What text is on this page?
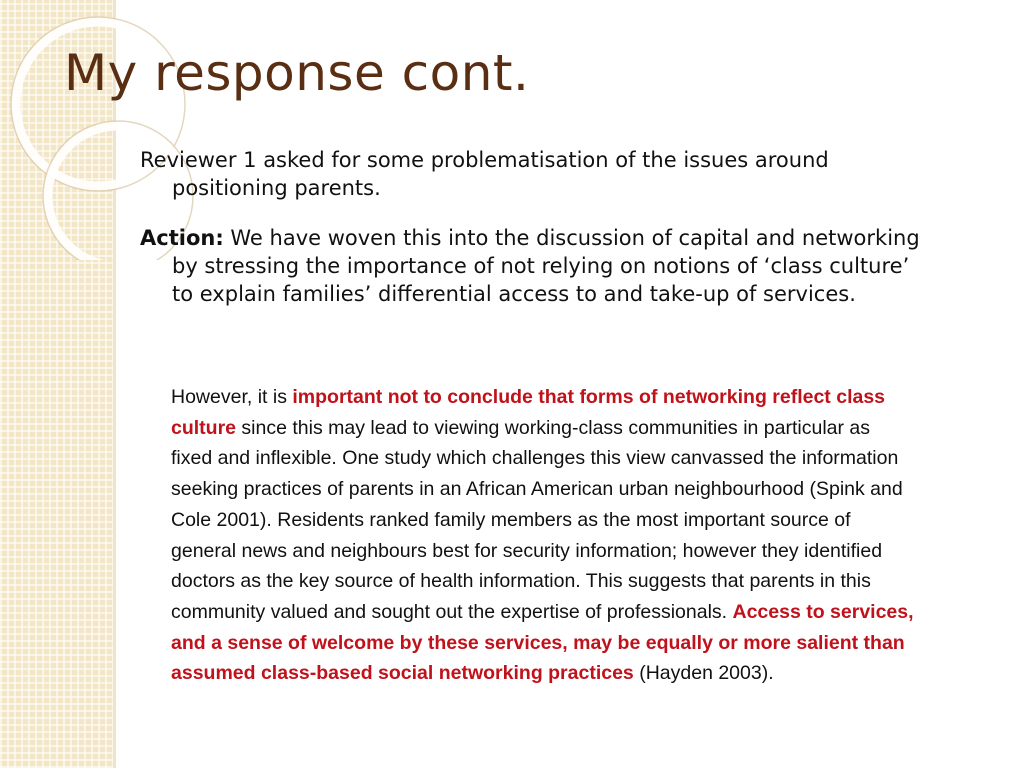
My response cont.

Reviewer 1 asked for some problematisation of the issues around positioning parents.

Action: We have woven this into the discussion of capital and networking by stressing the importance of not relying on notions of ‘class culture’ to explain families’ differential access to and take-up of services.

However, it is important not to conclude that forms of networking reflect class culture since this may lead to viewing working-class communities in particular as fixed and inflexible. One study which challenges this view canvassed the information seeking practices of parents in an African American urban neighbourhood (Spink and Cole 2001). Residents ranked family members as the most important source of general news and neighbours best for security information; however they identified doctors as the key source of health information. This suggests that parents in this community valued and sought out the expertise of professionals. Access to services, and a sense of welcome by these services, may be equally or more salient than assumed class-based social networking practices (Hayden 2003).
